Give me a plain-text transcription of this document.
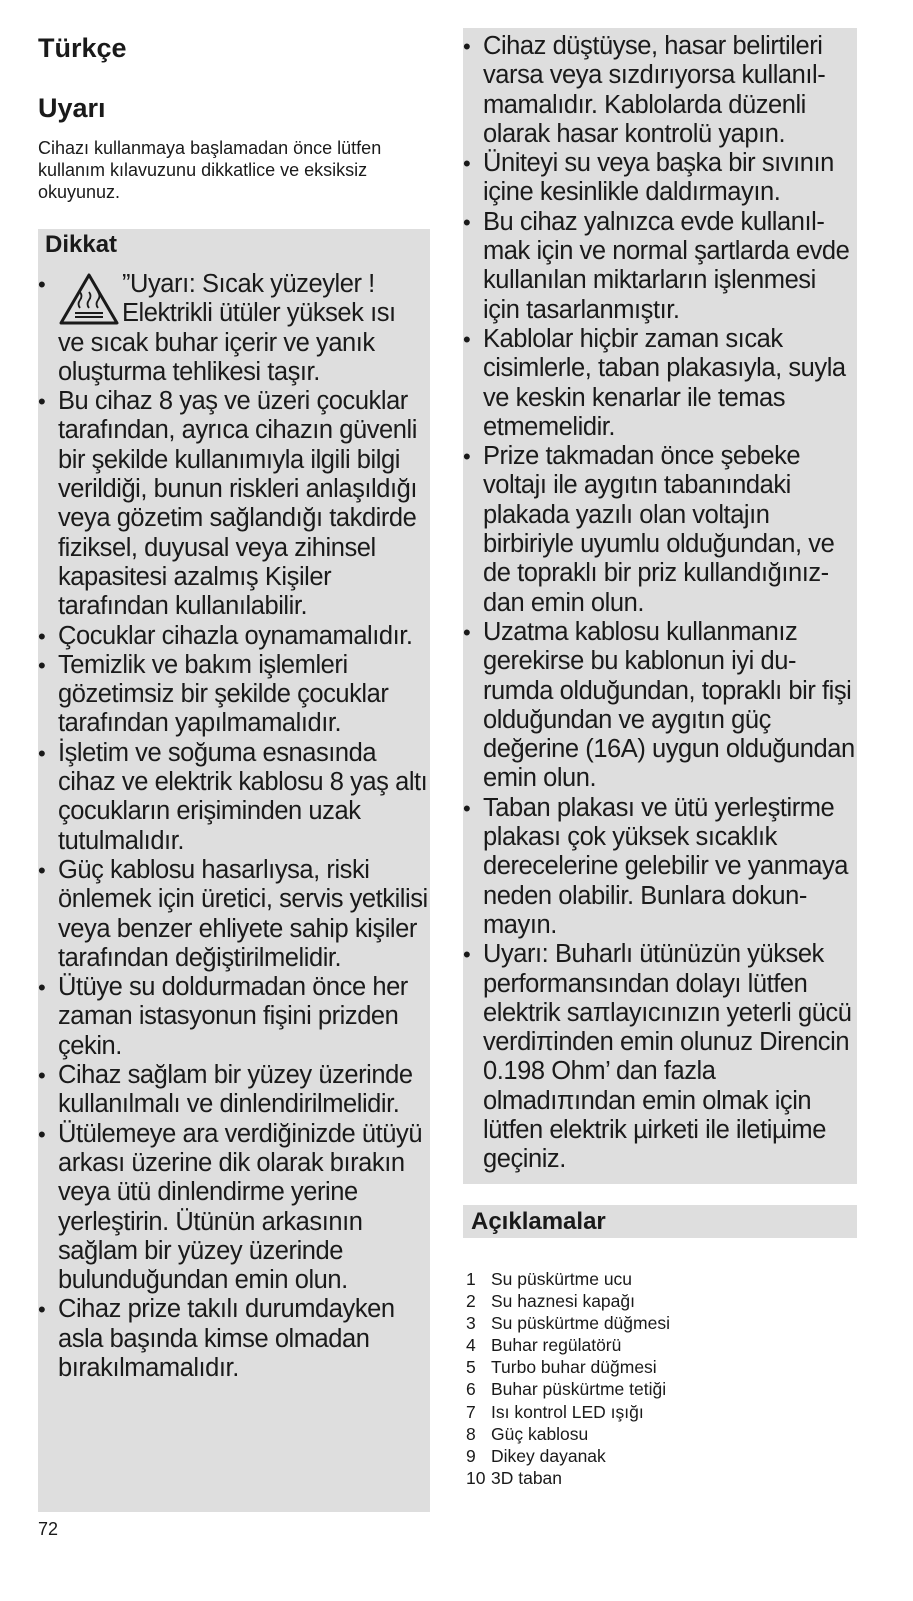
Türkçe
Uyarı

Cihazı kullanmaya başlamadan önce lütfen kullanım kılavuzunu dikkatlice ve eksiksiz okuyunuz.

Dikkat
•	”Uyarı: Sıcak yüzeyler !
Elektrikli ütüler yüksek ısı
ve sıcak buhar içerir ve yanık oluşturma tehlikesi taşır.
• Bu cihaz 8 yaş ve üzeri çocuklar tarafından, ayrıca cihazın güvenli bir şekilde kullanımıyla ilgili bilgi verildiği, bunun riskleri anlaşıldığı veya gözetim sağlandığı takdirde fiziksel, duyusal veya zihinsel kapasitesi azalmış Kişiler tarafından kullanılabilir.
• Çocuklar cihazla oynamamalıdır.
• Temizlik ve bakım işlemleri gözetimsiz bir şekilde çocuklar tarafından yapılmamalıdır.
• İşletim ve soğuma esnasında cihaz ve elektrik kablosu 8 yaş altı çocukların erişiminden uzak tutulmalıdır.
• Güç kablosu hasarlıysa, riski önlemek için üretici, servis yetkilisi veya benzer ehliyete sahip kişiler tarafından değiştirilmelidir.
• Ütüye su doldurmadan önce her zaman istasyonun fişini prizden çekin.
• Cihaz sağlam bir yüzey üzerinde kullanılmalı ve dinlendirilmelidir.
• Ütülemeye ara verdiğinizde ütüyü arkası üzerine dik olarak bırakın veya ütü dinlendirme yerine yerleştirin. Ütünün arkasının sağlam bir yüzey üzerinde bulunduğundan emin olun.
• Cihaz prize takılı durumdayken asla başında kimse olmadan bırakılmamalıdır.
• Cihaz düştüyse, hasar belirtileri varsa veya sızdırıyorsa kullanılmamalıdır. Kablolarda düzenli olarak hasar kontrolü yapın.
• Üniteyi su veya başka bir sıvının içine kesinlikle daldırmayın.
• Bu cihaz yalnızca evde kullanılmak için ve normal şartlarda evde kullanılan miktarların işlenmesi için tasarlanmıştır.
• Kablolar hiçbir zaman sıcak cisimlerle, taban plakasıyla, suyla ve keskin kenarlar ile temas etmemelidir.
• Prize takmadan önce şebeke voltajı ile aygıtın tabanındaki plakada yazılı olan voltajın birbiriyle uyumlu olduğundan, ve de topraklı bir priz kullandığınızdan emin olun.
• Uzatma kablosu kullanmanız gerekirse bu kablonun iyi durumda olduğundan, topraklı bir fişi olduğundan ve aygıtın güç değerine (16A) uygun olduğundan emin olun.
• Taban plakası ve ütü yerleştirme plakası çok yüksek sıcaklık derecelerine gelebilir ve yanmaya neden olabilir. Bunlara dokunmayın.
• Uyarı: Buharlı ütünüzün yüksek performansından dolayı lütfen elektrik saπlayıcınızın yeterli gücü verdiπinden emin olunuz Direncin 0.198 Ohm’ dan fazla olmadıπından emin olmak için lütfen elektrik µirketi ile iletiµime geçiniz.
Açıklamalar
1 Su püskürtme ucu
2 Su haznesi kapağı
3 Su püskürtme düğmesi
4 Buhar regülatörü
5 Turbo buhar düğmesi
6 Buhar püskürtme tetiği
7 Isı kontrol LED ışığı
8 Güç kablosu
9 Dikey dayanak
10 3D taban

72
